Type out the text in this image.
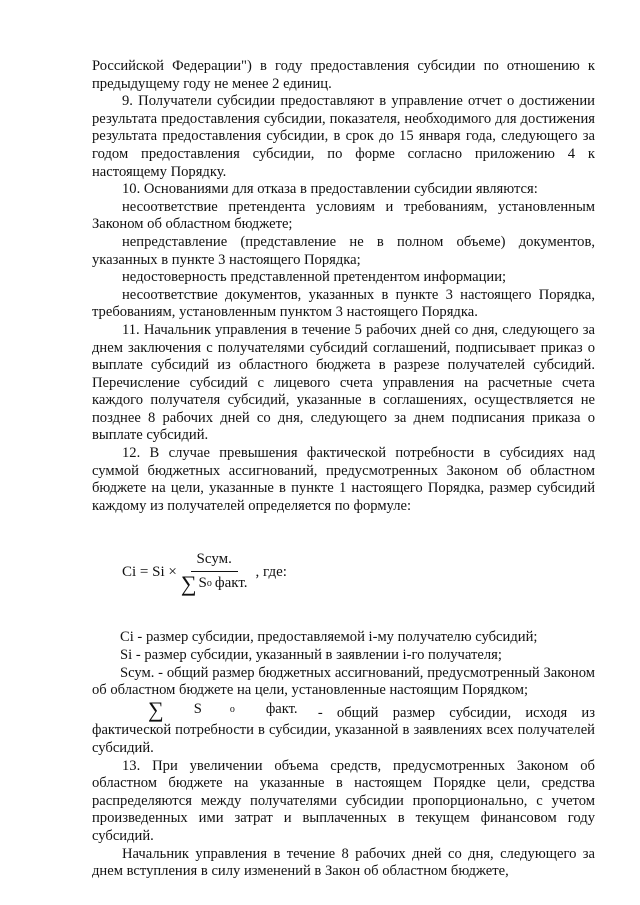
Российской Федерации") в году предоставления субсидии по отношению к предыдущему году не менее 2 единиц.

9. Получатели субсидии предоставляют в управление отчет о достижении результата предоставления субсидии, показателя, необходимого для достижения результата предоставления субсидии, в срок до 15 января года, следующего за годом предоставления субсидии, по форме согласно приложению 4 к настоящему Порядку.

10. Основаниями для отказа в предоставлении субсидии являются:

несоответствие претендента условиям и требованиям, установленным Законом об областном бюджете;

непредставление (представление не в полном объеме) документов, указанных в пункте 3 настоящего Порядка;

недостоверность представленной претендентом информации;

несоответствие документов, указанных в пункте 3 настоящего Порядка, требованиям, установленным пунктом 3 настоящего Порядка.

11. Начальник управления в течение 5 рабочих дней со дня, следующего за днем заключения с получателями субсидий соглашений, подписывает приказ о выплате субсидий из областного бюджета в разрезе получателей субсидий. Перечисление субсидий с лицевого счета управления на расчетные счета каждого получателя субсидий, указанные в соглашениях, осуществляется не позднее 8 рабочих дней со дня, следующего за днем подписания приказа о выплате субсидий.

12. В случае превышения фактической потребности в субсидиях над суммой бюджетных ассигнований, предусмотренных Законом об областном бюджете на цели, указанные в пункте 1 настоящего Порядка, размер субсидий каждому из получателей определяется по формуле:

$Ci = Si \times \frac{\text{Sсум.}}{\text{∑ S о факт.}}$ , где:

Ci - размер субсидии, предоставляемой i-му получателю субсидий;

Si - размер субсидии, указанный в заявлении i-го получателя;

Sсум. - общий размер бюджетных ассигнований, предусмотренный Законом об областном бюджете на цели, установленные настоящим Порядком;

∑	S	о	факт. - общий размер субсидии, исходя из фактической потребности в субсидии, указанной в заявлениях всех получателей субсидий.

13. При увеличении объема средств, предусмотренных Законом об областном бюджете на указанные в настоящем Порядке цели, средства распределяются между получателями субсидии пропорционально, с учетом произведенных ими затрат и выплаченных в текущем финансовом году субсидий.

Начальник управления в течение 8 рабочих дней со дня, следующего за днем вступления в силу изменений в Закон об областном бюджете,
